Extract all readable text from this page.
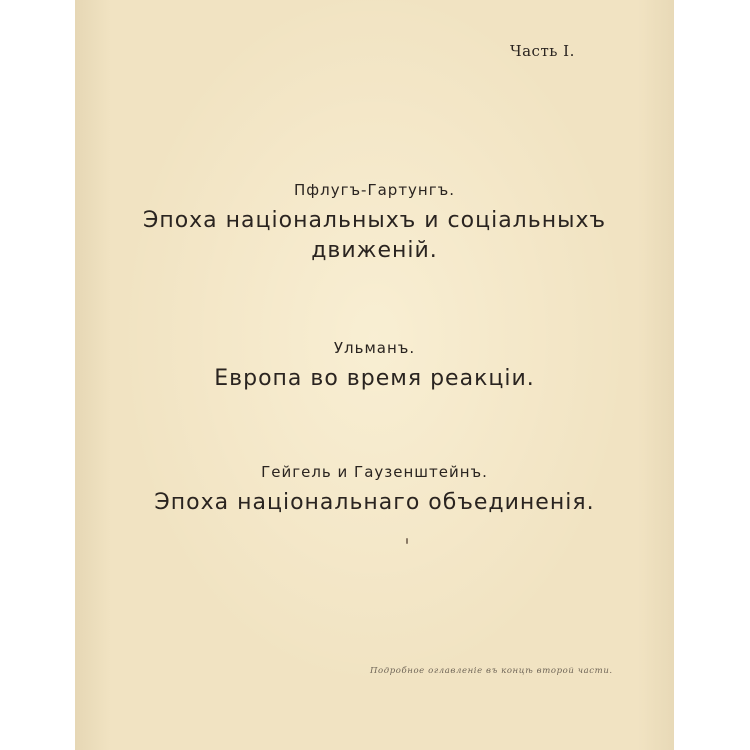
Часть I.
Пфлугъ-Гартунгъ.
Эпоха національныхъ и соціальныхъ
движеній.
Ульманъ.
Европа во время реакціи.
Гейгель и Гаузенштейнъ.
Эпоха національнаго объединенія.
Подробное оглавленіе въ концѣ второй части.
